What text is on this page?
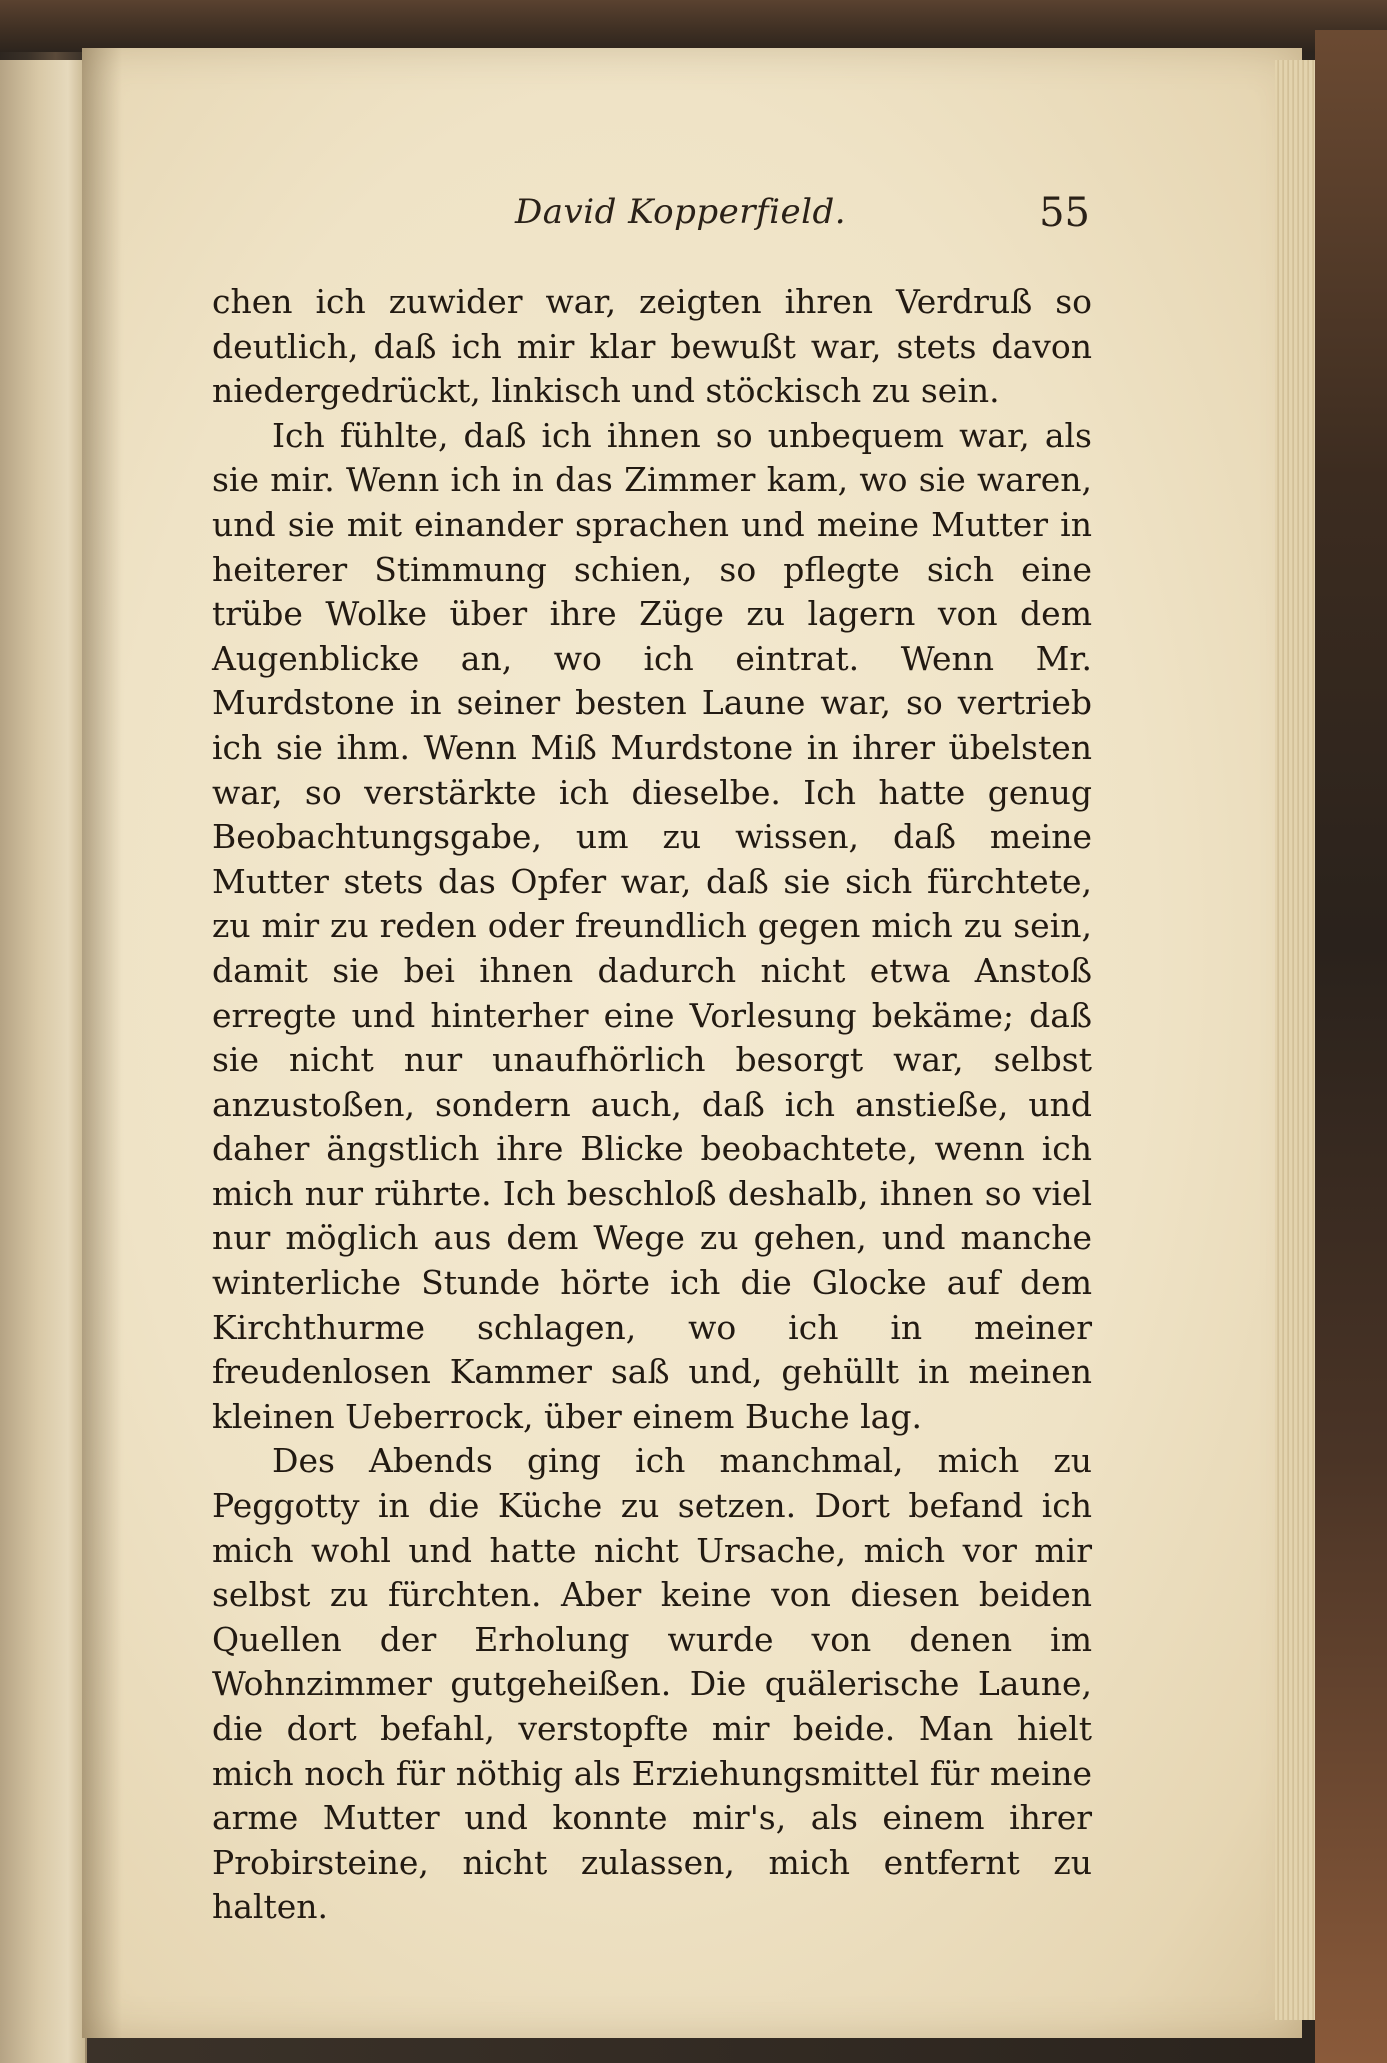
David Kopperfield.	55

chen ich zuwider war, zeigten ihren Verdruß so deutlich, daß ich mir klar bewußt war, stets davon niedergedrückt, linkisch und stöckisch zu sein.

Ich fühlte, daß ich ihnen so unbequem war, als sie mir. Wenn ich in das Zimmer kam, wo sie waren, und sie mit einander sprachen und meine Mutter in heiterer Stimmung schien, so pflegte sich eine trübe Wolke über ihre Züge zu lagern von dem Augenblicke an, wo ich eintrat. Wenn Mr. Murdstone in seiner besten Laune war, so vertrieb ich sie ihm. Wenn Miß Murdstone in ihrer übelsten war, so verstärkte ich dieselbe. Ich hatte genug Beobachtungsgabe, um zu wissen, daß meine Mutter stets das Opfer war, daß sie sich fürchtete, zu mir zu reden oder freundlich gegen mich zu sein, damit sie bei ihnen dadurch nicht etwa Anstoß erregte und hinterher eine Vorlesung bekäme; daß sie nicht nur unaufhörlich besorgt war, selbst anzustoßen, sondern auch, daß ich anstieße, und daher ängstlich ihre Blicke beobachtete, wenn ich mich nur rührte. Ich beschloß deshalb, ihnen so viel nur möglich aus dem Wege zu gehen, und manche winterliche Stunde hörte ich die Glocke auf dem Kirchthurme schlagen, wo ich in meiner freudenlosen Kammer saß und, gehüllt in meinen kleinen Ueberrock, über einem Buche lag.

Des Abends ging ich manchmal, mich zu Peggotty in die Küche zu setzen. Dort befand ich mich wohl und hatte nicht Ursache, mich vor mir selbst zu fürchten. Aber keine von diesen beiden Quellen der Erholung wurde von denen im Wohnzimmer gutgeheißen. Die quälerische Laune, die dort befahl, verstopfte mir beide. Man hielt mich noch für nöthig als Erziehungsmittel für meine arme Mutter und konnte mir's, als einem ihrer Probirsteine, nicht zulassen, mich entfernt zu halten.
